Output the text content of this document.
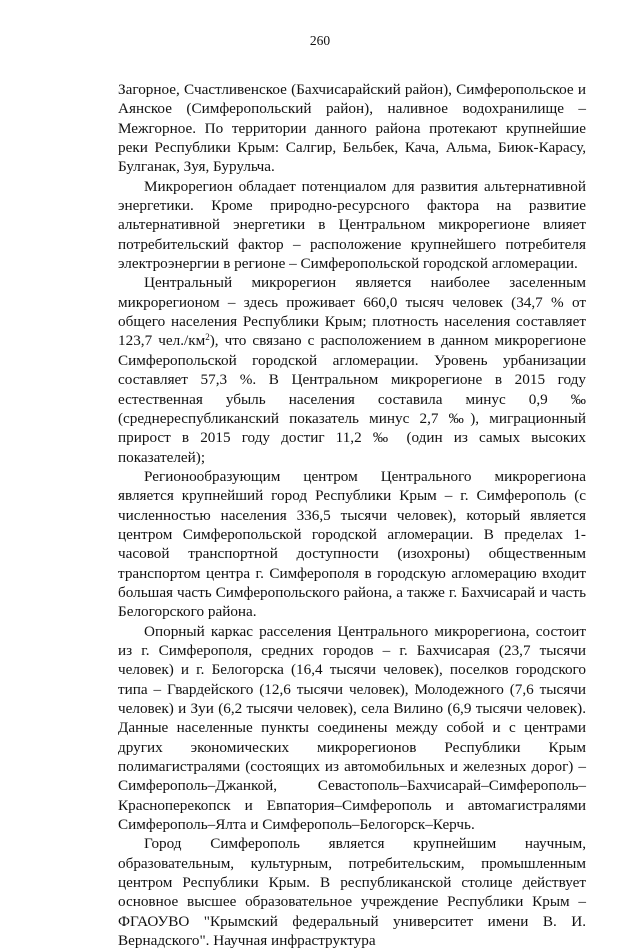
260

Загорное, Счастливенское (Бахчисарайский район), Симферопольское и Аянское (Симферопольский район), наливное водохранилище – Межгорное. По территории данного района протекают крупнейшие реки Республики Крым: Салгир, Бельбек, Кача, Альма, Биюк-Карасу, Булганак, Зуя, Бурульча.

Микрорегион обладает потенциалом для развития альтернативной энергетики. Кроме природно-ресурсного фактора на развитие альтернативной энергетики в Центральном микрорегионе влияет потребительский фактор – расположение крупнейшего потребителя электроэнергии в регионе – Симферопольской городской агломерации.

Центральный микрорегион является наиболее заселенным микрорегионом – здесь проживает 660,0 тысяч человек (34,7 % от общего населения Республики Крым; плотность населения составляет 123,7 $чел./км^2$), что связано с расположением в данном микрорегионе Симферопольской городской агломерации. Уровень урбанизации составляет 57,3 %. В Центральном микрорегионе в 2015 году естественная убыль населения составила минус 0,9 ‰ (среднереспубликанский показатель минус 2,7 ‰), миграционный прирост в 2015 году достиг 11,2 ‰ (один из самых высоких показателей);

Регионообразующим центром Центрального микрорегиона является крупнейший город Республики Крым – г. Симферополь (с численностью населения 336,5 тысячи человек), который является центром Симферопольской городской агломерации. В пределах 1-часовой транспортной доступности (изохроны) общественным транспортом центра г. Симферополя в городскую агломерацию входит большая часть Симферопольского района, а также г. Бахчисарай и часть Белогорского района.

Опорный каркас расселения Центрального микрорегиона, состоит из г. Симферополя, средних городов – г. Бахчисарая (23,7 тысячи человек) и г. Белогорска (16,4 тысячи человек), поселков городского типа – Гвардейского (12,6 тысячи человек), Молодежного (7,6 тысячи человек) и Зуи (6,2 тысячи человек), села Вилино (6,9 тысячи человек). Данные населенные пункты соединены между собой и с центрами других экономических микрорегионов Республики Крым полимагистралями (состоящих из автомобильных и железных дорог) – Симферополь–Джанкой, Севастополь–Бахчисарай–Симферополь–Красноперекопск и Евпатория–Симферополь и автомагистралями Симферополь–Ялта и Симферополь–Белогорск–Керчь.

Город Симферополь является крупнейшим научным, образовательным, культурным, потребительским, промышленным центром Республики Крым. В республиканской столице действует основное высшее образовательное учреждение Республики Крым – ФГАОУВО "Крымский федеральный университет имени В. И. Вернадского". Научная инфраструктура
